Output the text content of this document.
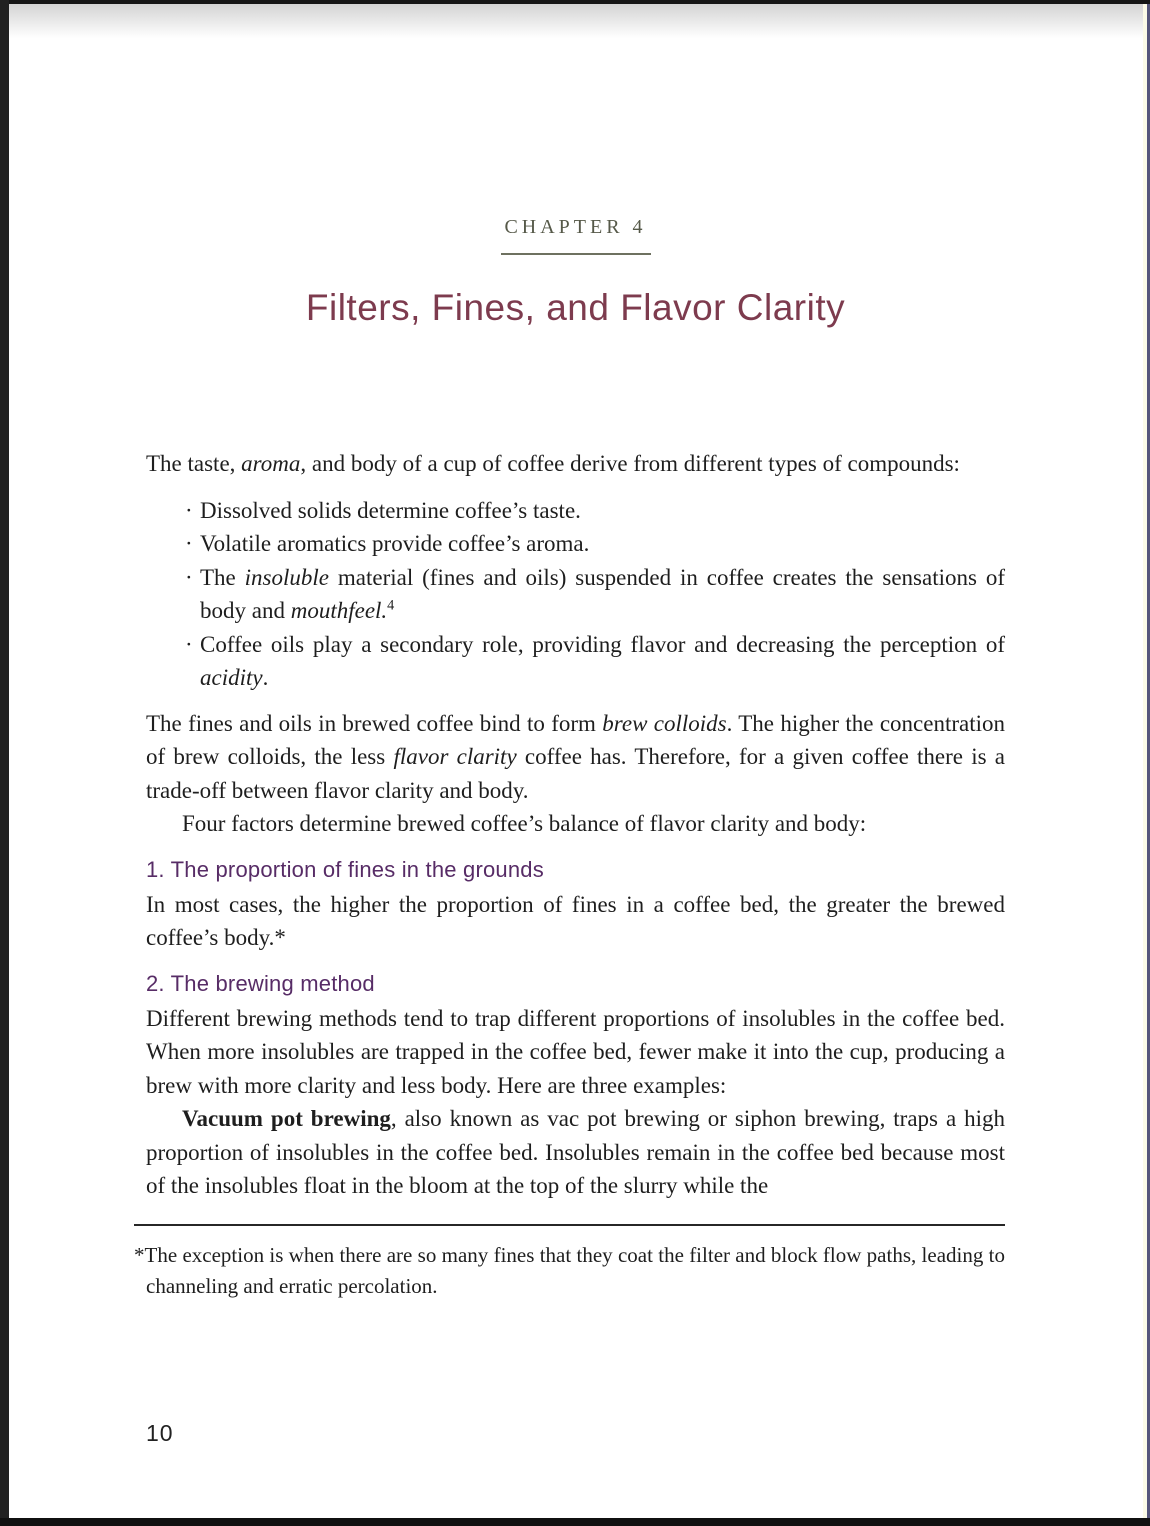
CHAPTER 4
Filters, Fines, and Flavor Clarity

The taste, aroma, and body of a cup of coffee derive from different types of compounds:

· Dissolved solids determine coffee’s taste.
· Volatile aromatics provide coffee’s aroma.
· The insoluble material (fines and oils) suspended in coffee creates the sensations of body and mouthfeel.$^4$
· Coffee oils play a secondary role, providing flavor and decreasing the perception of acidity.

The fines and oils in brewed coffee bind to form brew colloids. The higher the concentration of brew colloids, the less flavor clarity coffee has. Therefore, for a given coffee there is a trade-off between flavor clarity and body.

Four factors determine brewed coffee’s balance of flavor clarity and body:

1. The proportion of fines in the grounds

In most cases, the higher the proportion of fines in a coffee bed, the greater the brewed coffee’s body.*

2. The brewing method

Different brewing methods tend to trap different proportions of insolubles in the coffee bed. When more insolubles are trapped in the coffee bed, fewer make it into the cup, producing a brew with more clarity and less body. Here are three examples:

Vacuum pot brewing, also known as vac pot brewing or siphon brewing, traps a high proportion of insolubles in the coffee bed. Insolubles remain in the coffee bed because most of the insolubles float in the bloom at the top of the slurry while the

*The exception is when there are so many fines that they coat the filter and block flow paths, leading to channeling and erratic percolation.

10
